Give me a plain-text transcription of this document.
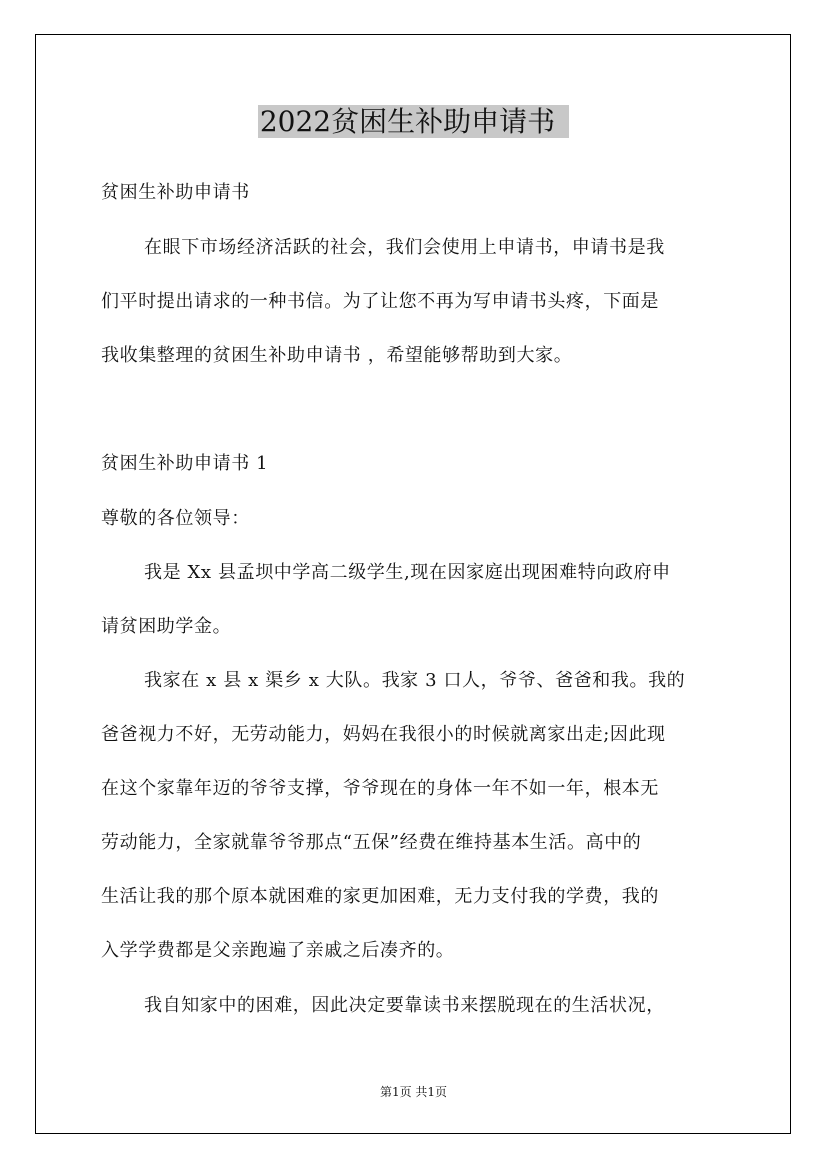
2022贫困生补助申请书

贫困生补助申请书

在眼下市场经济活跃的社会，我们会使用上申请书，申请书是我

们平时提出请求的一种书信。为了让您不再为写申请书头疼，下面是

我收集整理的贫困生补助申请书 ，希望能够帮助到大家。

贫困生补助申请书 1

尊敬的各位领导：

我是 Xx 县孟坝中学高二级学生,现在因家庭出现困难特向政府申

请贫困助学金。

我家在 x 县 x 渠乡 x 大队。我家 3 口人，爷爷、爸爸和我。我的

爸爸视力不好，无劳动能力，妈妈在我很小的时候就离家出走;因此现

在这个家靠年迈的爷爷支撑，爷爷现在的身体一年不如一年，根本无

劳动能力，全家就靠爷爷那点“五保”经费在维持基本生活。高中的

生活让我的那个原本就困难的家更加困难，无力支付我的学费，我的

入学学费都是父亲跑遍了亲戚之后凑齐的。

我自知家中的困难，因此决定要靠读书来摆脱现在的生活状况，

第1页 共1页
